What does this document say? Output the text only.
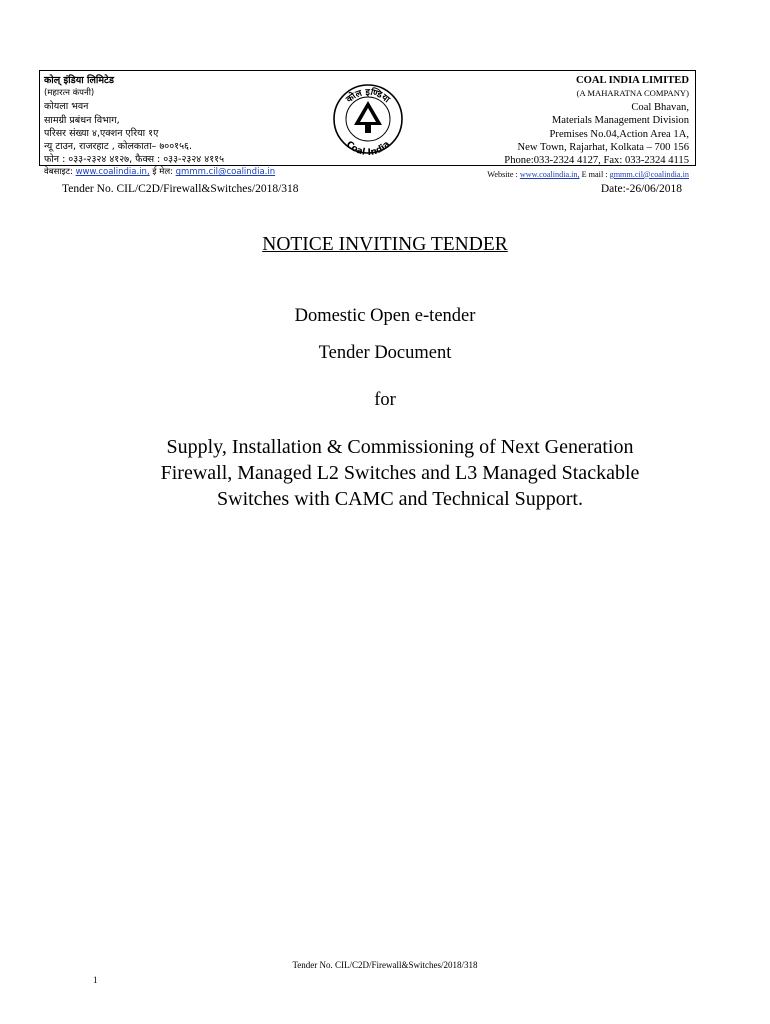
कोल् इंडिया लिमिटेड
(महारत्न कंपनी)
कोयला भवन
सामग्री प्रबंधन विभाग,
परिसर संख्या ४,एक्शन एरिया १ए
न्यू टाउन, राजरहाट , कोलकाता– ७००१५६.
फोन : ०३३-२३२४ ४१२७, फैक्स : ०३३-२३२४ ४११५
वेबसाइट: www.coalindia.in, ई मेल: gmmm.cil@coalindia.in
कोल इण्डिया
Coal India
COAL INDIA LIMITED
(A MAHARATNA COMPANY)
Coal Bhavan,
Materials Management Division
Premises No.04,Action Area 1A,
New Town, Rajarhat, Kolkata – 700 156
Phone:033-2324 4127, Fax: 033-2324 4115
Website : www.coalindia.in, E mail : gmmm.cil@coalindia.in
Tender No. CIL/C2D/Firewall&Switches/2018/318	Date:-26/06/2018
NOTICE INVITING TENDER
Domestic Open e-tender
Tender Document
for
Supply, Installation & Commissioning of Next Generation
Firewall, Managed L2 Switches and L3 Managed Stackable
Switches with CAMC and Technical Support.
Tender No. CIL/C2D/Firewall&Switches/2018/318
1
